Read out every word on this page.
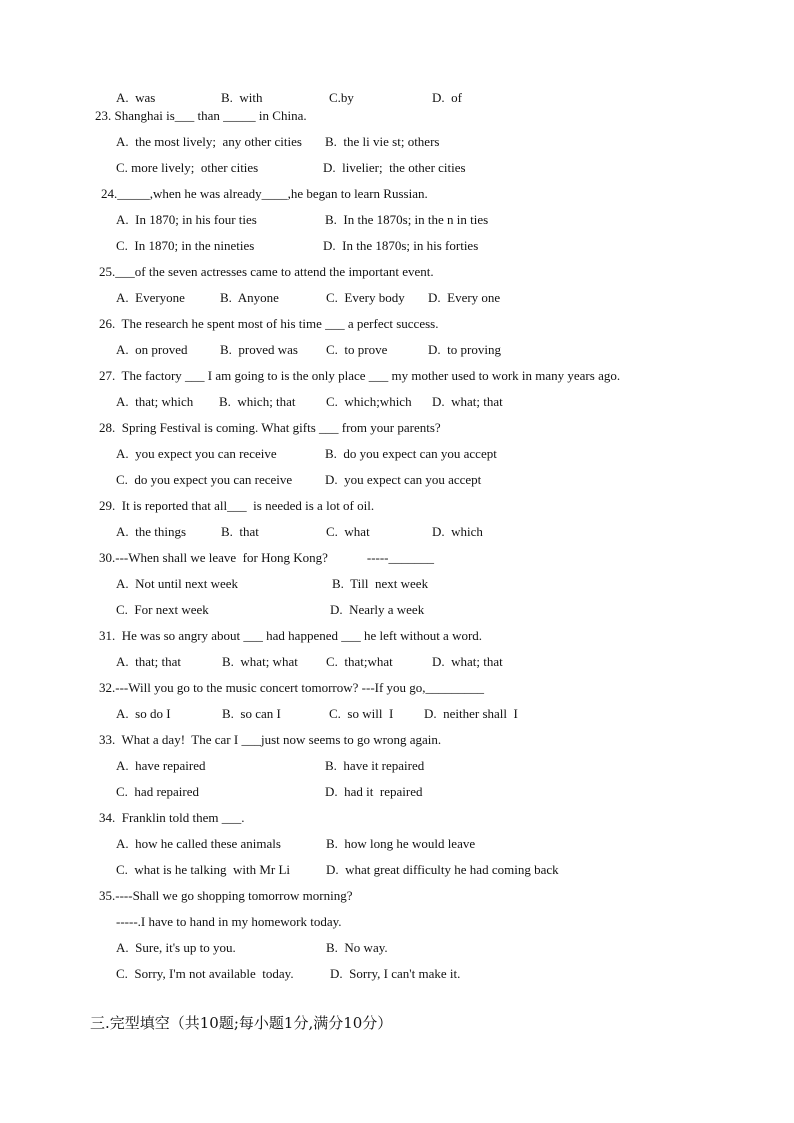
A.  was	B.  with	C.by	D.  of
23. Shanghai is___ than _____ in China.
A.  the most lively;  any other cities B.  the li vie st; others
C. more lively;  other cities	D.  livelier;  the other cities
24._____,when he was already____,he began to learn Russian.
A.  In 1870; in his four ties	B.  In the 1870s; in the n in ties
C.  In 1870; in the nineties	D.  In the 1870s; in his forties
25.___of the seven actresses came to attend the important event.
A.  Everyone	B.  Anyone	C.  Every body D.  Every one
26.  The research he spent most of his time ___ a perfect success.
A.  on proved	B.  proved was C.  to prove	D.  to proving
27.  The factory ___ I am going to is the only place ___ my mother used to work in many years ago.
A.  that; which B.  which; that C.  which;which D.  what; that
28.  Spring Festival is coming. What gifts ___ from your parents?
A.  you expect you can receive	B.  do you expect can you accept
C.  do you expect you can receive	D.  you expect can you accept
29.  It is reported that all___  is needed is a lot of oil.
A.  the things	B.  that	C.  what	D.  which
30.---When shall we leave  for Hong Kong?            -----_______
A.  Not until next week	B.  Till  next week
C.  For next week	D.  Nearly a week
31.  He was so angry about ___ had happened ___ he left without a word.
A.  that; that	B.  what; what C.  that;what	D.  what; that
32.---Will you go to the music concert tomorrow? ---If you go,_________
A.  so do I	B.  so can I	C.  so will  I D.  neither shall  I
33.  What a day!  The car I ___just now seems to go wrong again.
A.  have repaired	B.  have it repaired
C.  had repaired	D.  had it  repaired
34.  Franklin told them ___.
A.  how he called these animals	B.  how long he would leave
C.  what is he talking  with Mr Li	D.  what great difficulty he had coming back
35.----Shall we go shopping tomorrow morning?
-----.I have to hand in my homework today.
A.  Sure, it's up to you.	B.  No way.
C.  Sorry, I'm not available  today.	D.  Sorry, I can't make it.
三.完型填空（共10题;每小题1分,满分10分）
